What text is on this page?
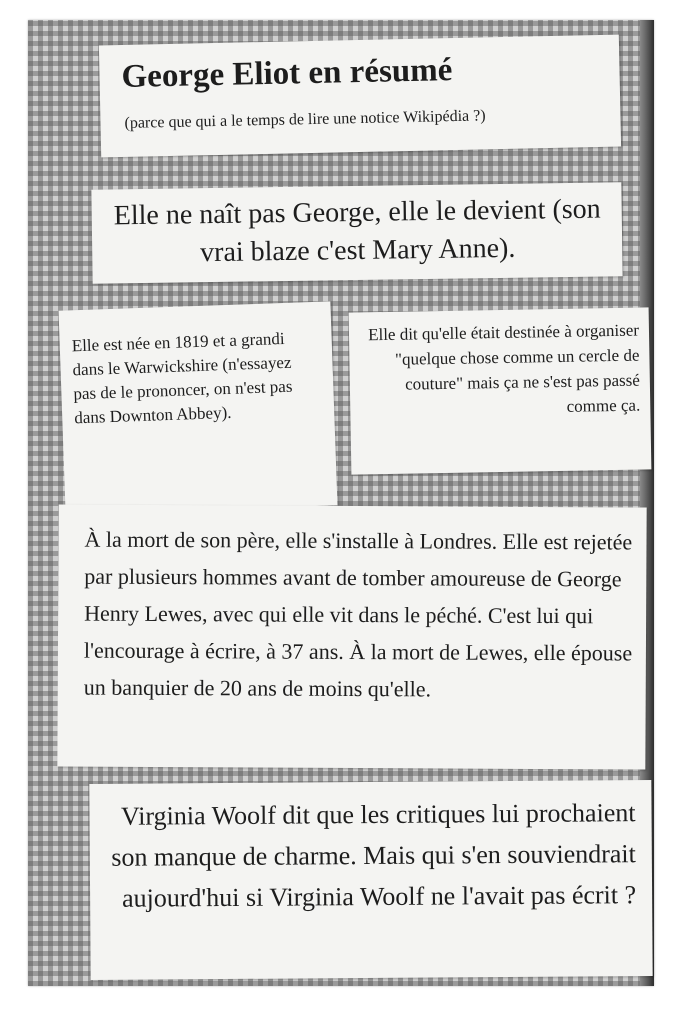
George Eliot en résumé
(parce que qui a le temps de lire une notice Wikipédia ?)

Elle ne naît pas George, elle le devient (son vrai blaze c'est Mary Anne).

Elle est née en 1819 et a grandi dans le Warwickshire (n'essayez pas de le prononcer, on n'est pas dans Downton Abbey).

Elle dit qu'elle était destinée à organiser "quelque chose comme un cercle de couture" mais ça ne s'est pas passé comme ça.

À la mort de son père, elle s'installe à Londres. Elle est rejetée par plusieurs hommes avant de tomber amoureuse de George Henry Lewes, avec qui elle vit dans le péché. C'est lui qui l'encourage à écrire, à 37 ans. À la mort de Lewes, elle épouse un banquier de 20 ans de moins qu'elle.

Virginia Woolf dit que les critiques lui prochaient son manque de charme. Mais qui s'en souviendrait aujourd'hui si Virginia Woolf ne l'avait pas écrit ?
